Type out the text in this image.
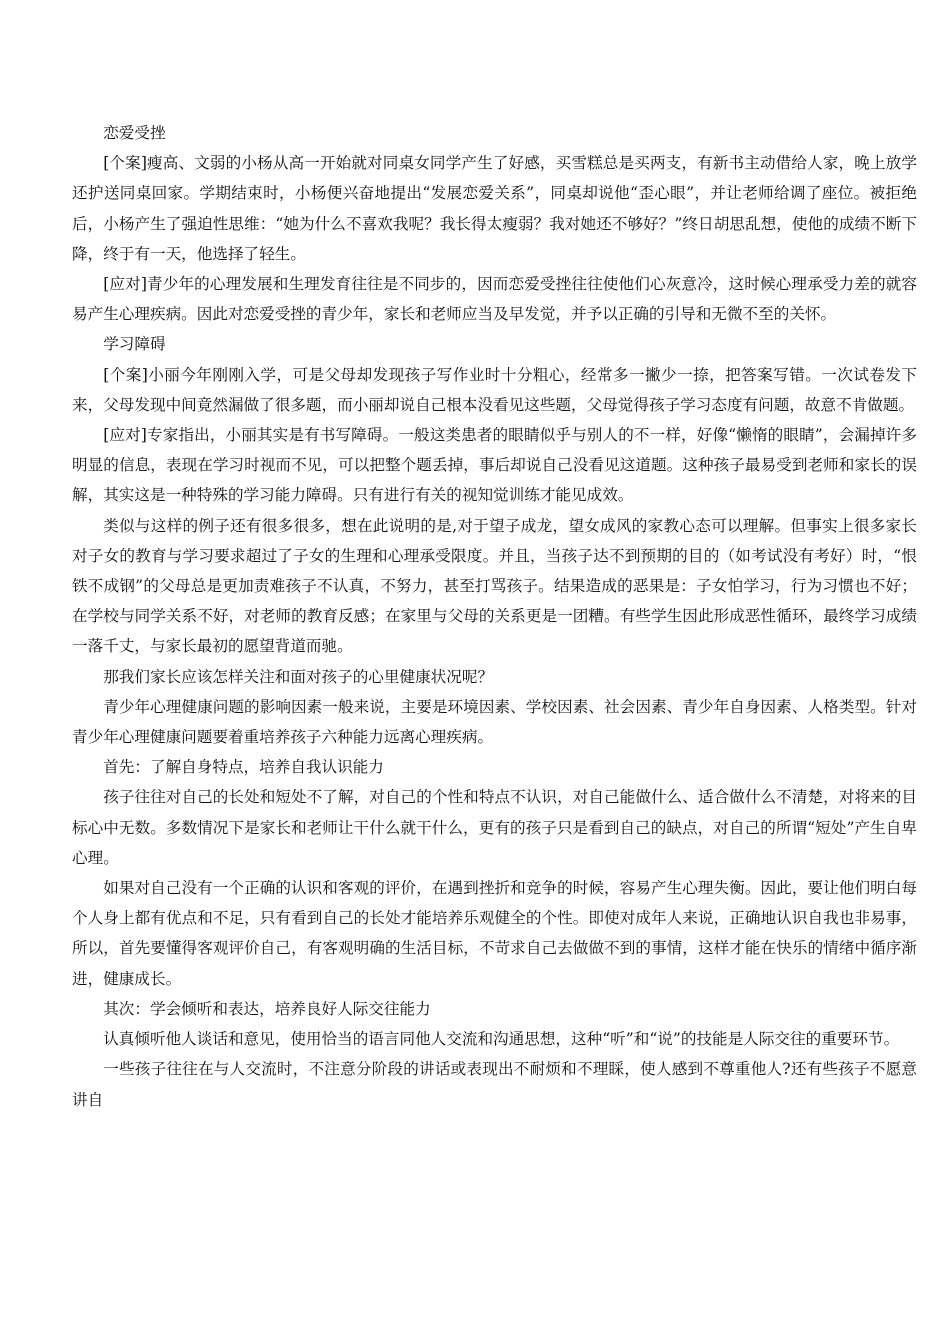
恋爱受挫

[个案]瘦高、文弱的小杨从高一开始就对同桌女同学产生了好感，买雪糕总是买两支，有新书主动借给人家，晚上放学还护送同桌回家。学期结束时，小杨便兴奋地提出“发展恋爱关系”，同桌却说他“歪心眼”，并让老师给调了座位。被拒绝后，小杨产生了强迫性思维：“她为什么不喜欢我呢？我长得太瘦弱？我对她还不够好？”终日胡思乱想，使他的成绩不断下降，终于有一天，他选择了轻生。

[应对]青少年的心理发展和生理发育往往是不同步的，因而恋爱受挫往往使他们心灰意冷，这时候心理承受力差的就容易产生心理疾病。因此对恋爱受挫的青少年，家长和老师应当及早发觉，并予以正确的引导和无微不至的关怀。

学习障碍

[个案]小丽今年刚刚入学，可是父母却发现孩子写作业时十分粗心，经常多一撇少一捺，把答案写错。一次试卷发下来，父母发现中间竟然漏做了很多题，而小丽却说自己根本没看见这些题，父母觉得孩子学习态度有问题，故意不肯做题。

[应对]专家指出，小丽其实是有书写障碍。一般这类患者的眼睛似乎与别人的不一样，好像“懒惰的眼睛”，会漏掉许多明显的信息，表现在学习时视而不见，可以把整个题丢掉，事后却说自己没看见这道题。这种孩子最易受到老师和家长的误解，其实这是一种特殊的学习能力障碍。只有进行有关的视知觉训练才能见成效。

类似与这样的例子还有很多很多，想在此说明的是,对于望子成龙，望女成风的家教心态可以理解。但事实上很多家长对子女的教育与学习要求超过了子女的生理和心理承受限度。并且，当孩子达不到预期的目的（如考试没有考好）时，“恨铁不成钢”的父母总是更加责难孩子不认真，不努力，甚至打骂孩子。结果造成的恶果是：子女怕学习，行为习惯也不好；在学校与同学关系不好，对老师的教育反感；在家里与父母的关系更是一团糟。有些学生因此形成恶性循环，最终学习成绩一落千丈，与家长最初的愿望背道而驰。

那我们家长应该怎样关注和面对孩子的心里健康状况呢？

青少年心理健康问题的影响因素一般来说，主要是环境因素、学校因素、社会因素、青少年自身因素、人格类型。针对青少年心理健康问题要着重培养孩子六种能力远离心理疾病。

首先：了解自身特点，培养自我认识能力

孩子往往对自己的长处和短处不了解，对自己的个性和特点不认识，对自己能做什么、适合做什么不清楚，对将来的目标心中无数。多数情况下是家长和老师让干什么就干什么，更有的孩子只是看到自己的缺点，对自己的所谓“短处”产生自卑心理。

如果对自己没有一个正确的认识和客观的评价，在遇到挫折和竞争的时候，容易产生心理失衡。因此，要让他们明白每个人身上都有优点和不足，只有看到自己的长处才能培养乐观健全的个性。即使对成年人来说，正确地认识自我也非易事，所以，首先要懂得客观评价自己，有客观明确的生活目标，不苛求自己去做做不到的事情，这样才能在快乐的情绪中循序渐进，健康成长。

其次：学会倾听和表达，培养良好人际交往能力

认真倾听他人谈话和意见，使用恰当的语言同他人交流和沟通思想，这种“听”和“说”的技能是人际交往的重要环节。

一些孩子往往在与人交流时，不注意分阶段的讲话或表现出不耐烦和不理睬，使人感到不尊重他人?还有些孩子不愿意讲自
